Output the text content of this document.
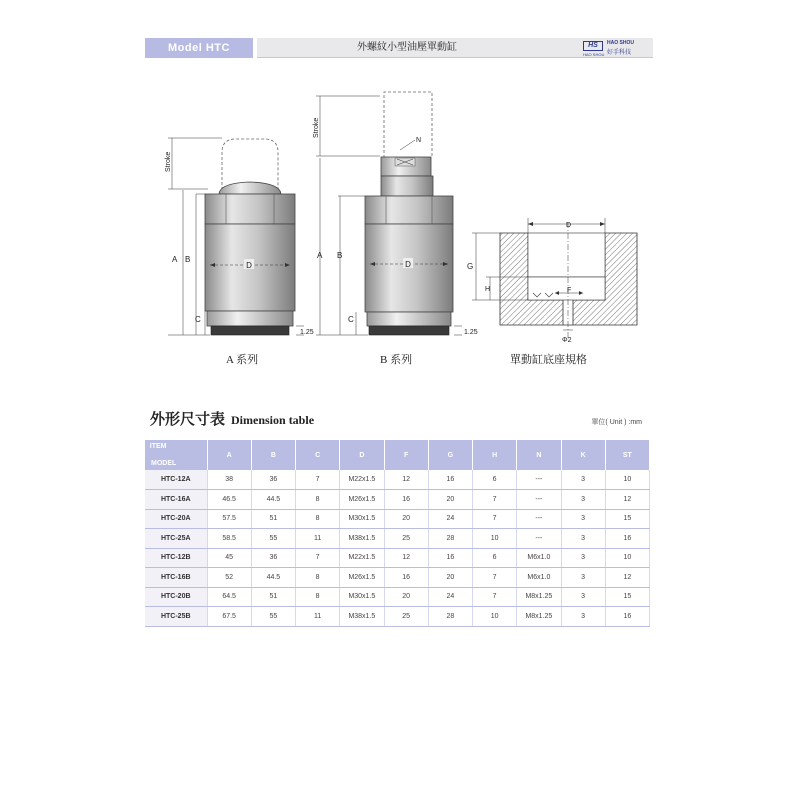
Model HTC	外螺紋小型油壓單動缸	HS	HAO SHOU
HAO SHOU 好手科技
D
Stroke
A B
C
1.25
D
Stroke
N
A B
C
1.25
D
G
H	F
Φ2
A 系列	B 系列	單動缸底座規格
外形尺寸表 Dimension table	單位( Unit ) :mm
ITEM
MODEL	A	B	C	D	F	G	H	N	K	ST
HTC-12A	38	36	7	M22x1.5	12	16	6	---	3	10
HTC-16A	46.5	44.5	8	M26x1.5	16	20	7	---	3	12
HTC-20A	57.5	51	8	M30x1.5	20	24	7	---	3	15
HTC-25A	58.5	55	11	M38x1.5	25	28	10	---	3	16
HTC-12B	45	36	7	M22x1.5	12	16	6	M6x1.0	3	10
HTC-16B	52	44.5	8	M26x1.5	16	20	7	M6x1.0	3	12
HTC-20B	64.5	51	8	M30x1.5	20	24	7	M8x1.25	3	15
HTC-25B	67.5	55	11	M38x1.5	25	28	10	M8x1.25	3	16
